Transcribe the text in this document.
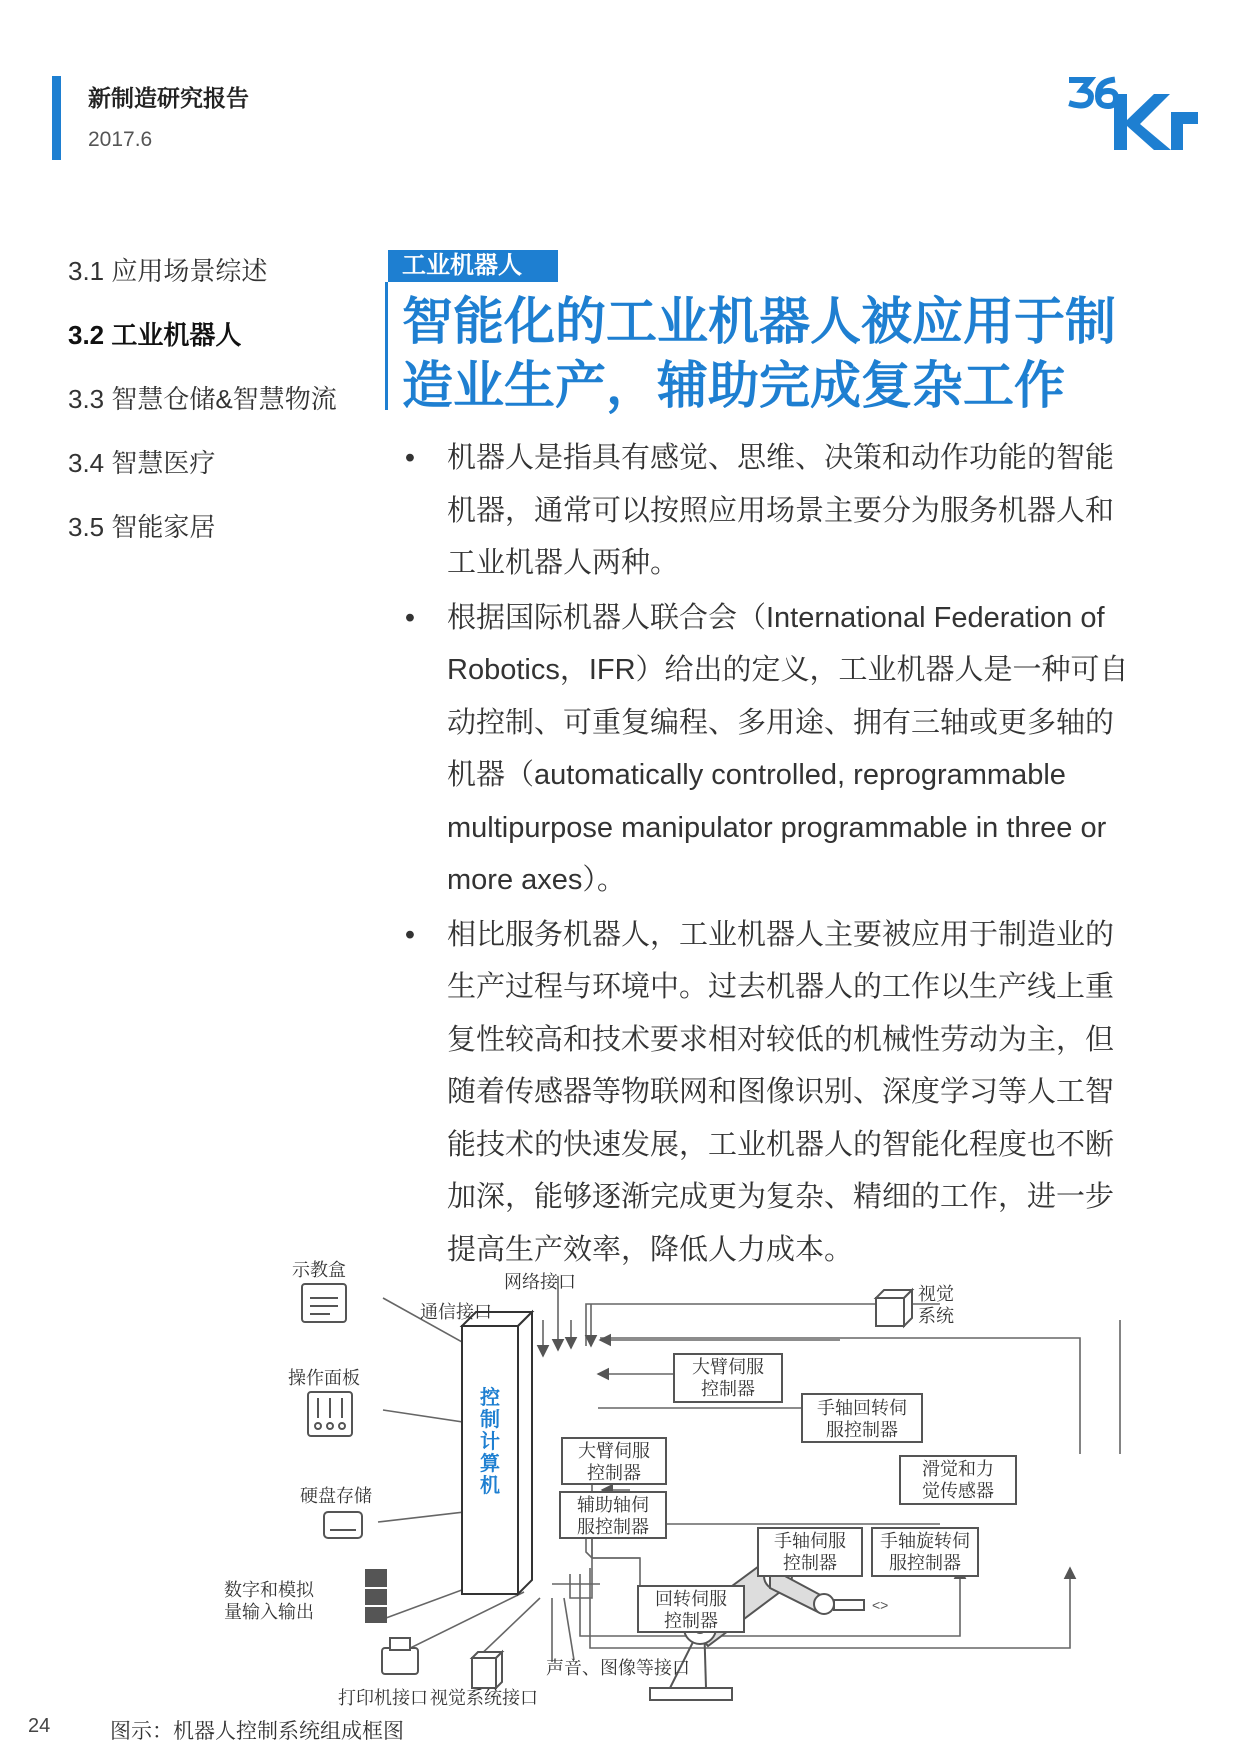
新制造研究报告
2017.6
3.1 应用场景综述
3.2 工业机器人
3.3 智慧仓储&智慧物流
3.4 智慧医疗
3.5 智能家居
工业机器人
智能化的工业机器人被应用于制
造业生产，辅助完成复杂工作
• 机器人是指具有感觉、思维、决策和动作功能的智能机器，通常可以按照应用场景主要分为服务机器人和工业机器人两种。
• 根据国际机器人联合会（International Federation of Robotics，IFR）给出的定义，工业机器人是一种可自动控制、可重复编程、多用途、拥有三轴或更多轴的机器（automatically controlled, reprogrammable multipurpose manipulator programmable in three or more axes）。
• 相比服务机器人，工业机器人主要被应用于制造业的生产过程与环境中。过去机器人的工作以生产线上重复性较高和技术要求相对较低的机械性劳动为主，但随着传感器等物联网和图像识别、深度学习等人工智能技术的快速发展，工业机器人的智能化程度也不断加深，能够逐渐完成更为复杂、精细的工作，进一步提高生产效率，降低人力成本。
控制计算机
<>
大臂伺服
控制器
大臂伺服
控制器
辅助轴伺
服控制器
手轴回转伺
服控制器
滑觉和力
觉传感器
手轴伺服
控制器
手轴旋转伺
服控制器
回转伺服
控制器
示教盒
操作面板
硬盘存储
数字和模拟
量输入输出
打印机接口 视觉系统接口
通信接口
网络接口
视觉
系统
声音、图像等接口
24	图示：机器人控制系统组成框图
